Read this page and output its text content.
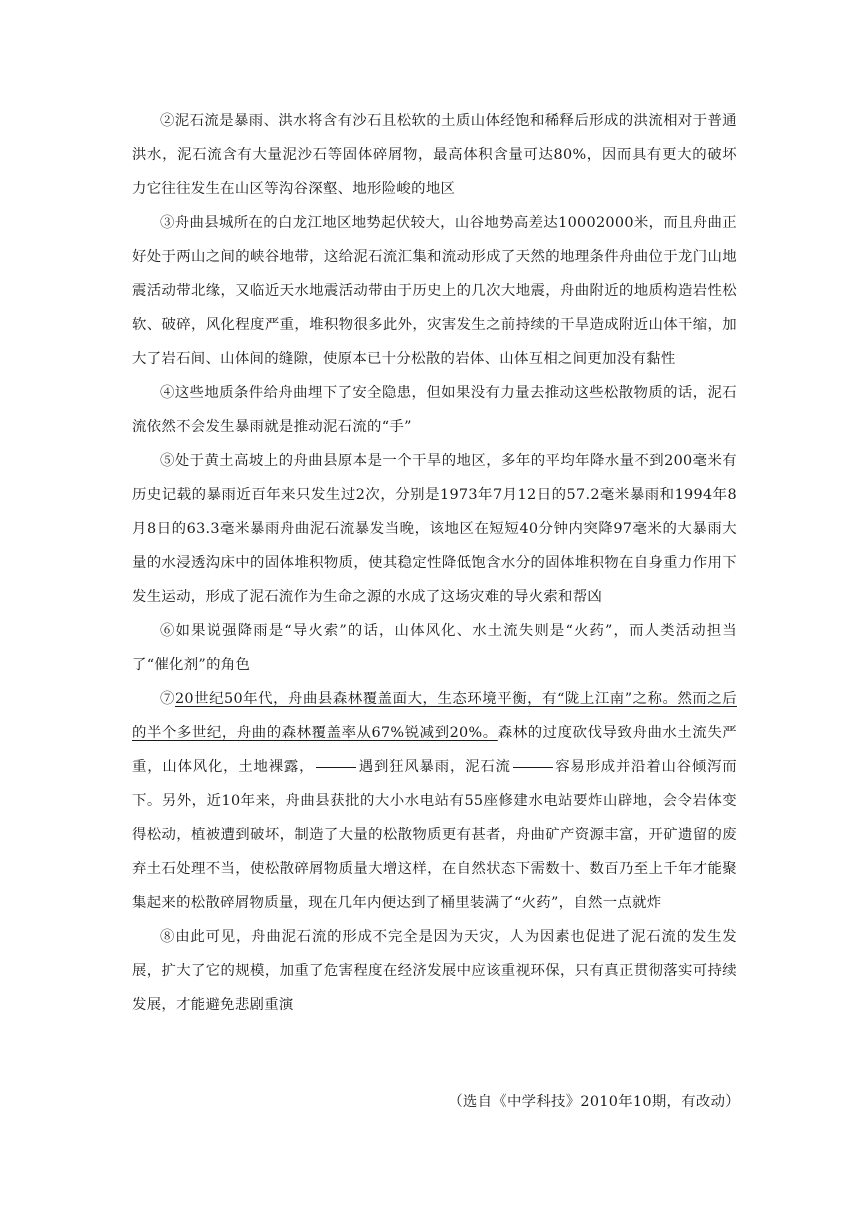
②泥石流是暴雨、洪水将含有沙石且松软的土质山体经饱和稀释后形成的洪流相对于普通洪水，泥石流含有大量泥沙石等固体碎屑物，最高体积含量可达80%，因而具有更大的破坏力它往往发生在山区等沟谷深壑、地形险峻的地区

③舟曲县城所在的白龙江地区地势起伏较大，山谷地势高差达10002000米，而且舟曲正好处于两山之间的峡谷地带，这给泥石流汇集和流动形成了天然的地理条件舟曲位于龙门山地震活动带北缘，又临近天水地震活动带由于历史上的几次大地震，舟曲附近的地质构造岩性松软、破碎，风化程度严重，堆积物很多此外，灾害发生之前持续的干旱造成附近山体干缩，加大了岩石间、山体间的缝隙，使原本已十分松散的岩体、山体互相之间更加没有黏性

④这些地质条件给舟曲埋下了安全隐患，但如果没有力量去推动这些松散物质的话，泥石流依然不会发生暴雨就是推动泥石流的“手”

⑤处于黄土高坡上的舟曲县原本是一个干旱的地区，多年的平均年降水量不到200毫米有历史记载的暴雨近百年来只发生过2次，分别是1973年7月12日的57.2毫米暴雨和1994年8月8日的63.3毫米暴雨舟曲泥石流暴发当晚，该地区在短短40分钟内突降97毫米的大暴雨大量的水浸透沟床中的固体堆积物质，使其稳定性降低饱含水分的固体堆积物在自身重力作用下发生运动，形成了泥石流作为生命之源的水成了这场灾难的导火索和帮凶

⑥如果说强降雨是“导火索”的话，山体风化、水土流失则是“火药”，而人类活动担当了“催化剂”的角色

⑦20世纪50年代，舟曲县森林覆盖面大，生态环境平衡，有“陇上江南”之称。然而之后的半个多世纪，舟曲的森林覆盖率从67%锐减到20%。森林的过度砍伐导致舟曲水土流失严重，山体风化，土地裸露，	遇到狂风暴雨，泥石流	容易形成并沿着山谷倾泻而下。另外，近10年来，舟曲县获批的大小水电站有55座修建水电站要炸山辟地，会令岩体变得松动，植被遭到破坏，制造了大量的松散物质更有甚者，舟曲矿产资源丰富，开矿遗留的废弃土石处理不当，使松散碎屑物质量大增这样，在自然状态下需数十、数百乃至上千年才能聚集起来的松散碎屑物质量，现在几年内便达到了桶里装满了“火药”，自然一点就炸

⑧由此可见，舟曲泥石流的形成不完全是因为天灾，人为因素也促进了泥石流的发生发展，扩大了它的规模，加重了危害程度在经济发展中应该重视环保，只有真正贯彻落实可持续发展，才能避免悲剧重演

（选自《中学科技》2010年10期，有改动）
